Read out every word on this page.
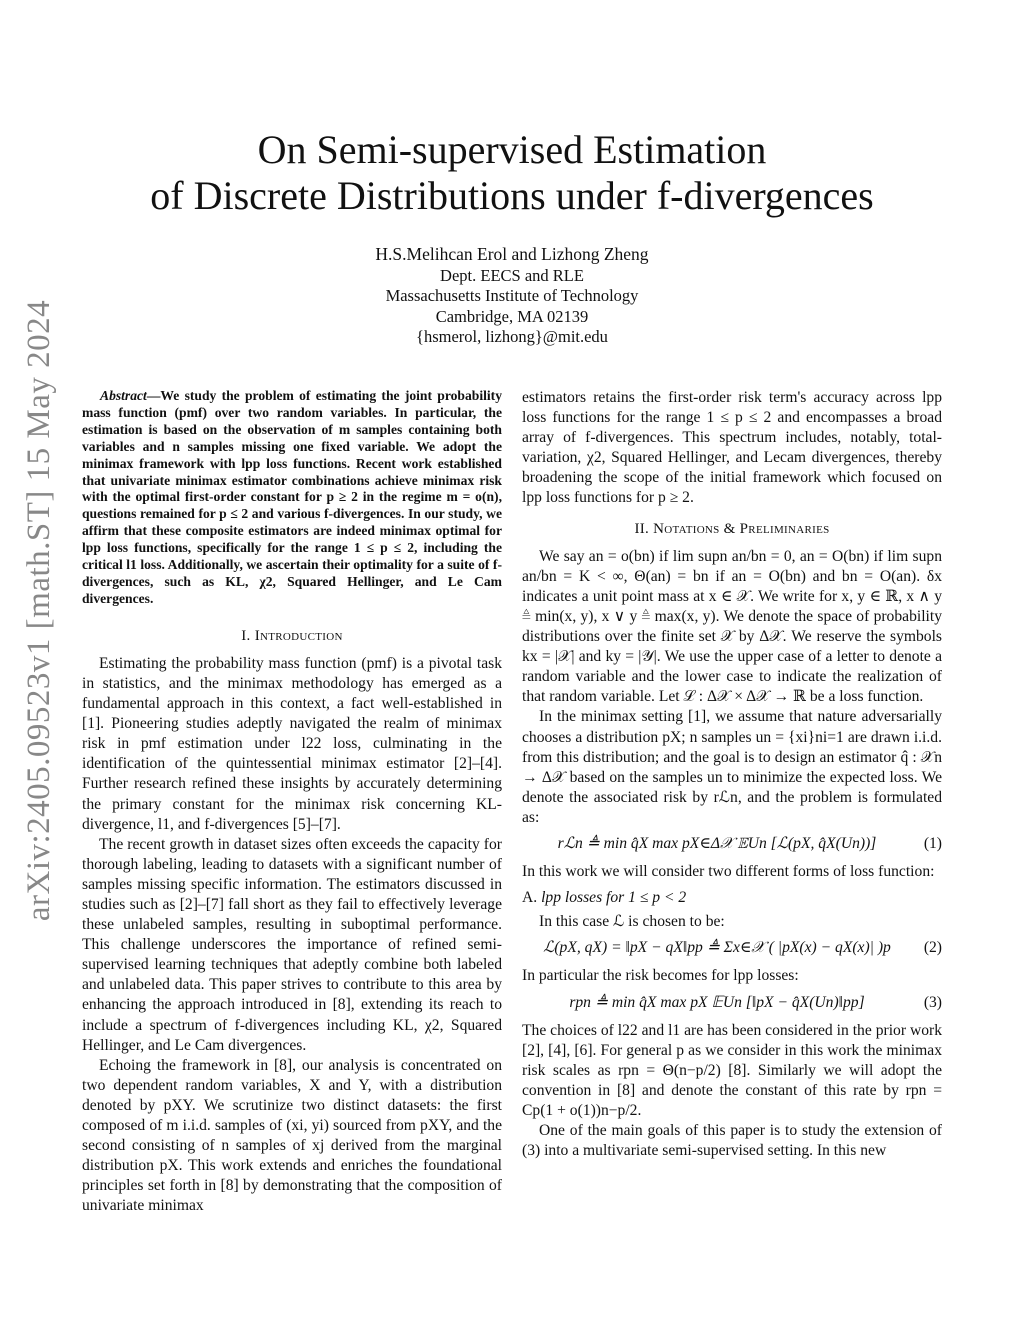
arXiv:2405.09523v1 [math.ST] 15 May 2024
On Semi-supervised Estimation
of Discrete Distributions under f-divergences
H.S.Melihcan Erol and Lizhong Zheng
Dept. EECS and RLE
Massachusetts Institute of Technology
Cambridge, MA 02139
{hsmerol, lizhong}@mit.edu

Abstract—We study the problem of estimating the joint probability mass function (pmf) over two random variables. In particular, the estimation is based on the observation of m samples containing both variables and n samples missing one fixed variable. We adopt the minimax framework with lpp loss functions. Recent work established that univariate minimax estimator combinations achieve minimax risk with the optimal first-order constant for p ≥ 2 in the regime m = o(n), questions remained for p ≤ 2 and various f-divergences. In our study, we affirm that these composite estimators are indeed minimax optimal for lpp loss functions, specifically for the range 1 ≤ p ≤ 2, including the critical l1 loss. Additionally, we ascertain their optimality for a suite of f-divergences, such as KL, χ2, Squared Hellinger, and Le Cam divergences.

I. Introduction

Estimating the probability mass function (pmf) is a pivotal task in statistics, and the minimax methodology has emerged as a fundamental approach in this context, a fact well-established in [1]. Pioneering studies adeptly navigated the realm of minimax risk in pmf estimation under l22 loss, culminating in the identification of the quintessential minimax estimator [2]–[4]. Further research refined these insights by accurately determining the primary constant for the minimax risk concerning KL-divergence, l1, and f-divergences [5]–[7].

The recent growth in dataset sizes often exceeds the capacity for thorough labeling, leading to datasets with a significant number of samples missing specific information. The estimators discussed in studies such as [2]–[7] fall short as they fail to effectively leverage these unlabeled samples, resulting in suboptimal performance. This challenge underscores the importance of refined semi-supervised learning techniques that adeptly combine both labeled and unlabeled data. This paper strives to contribute to this area by enhancing the approach introduced in [8], extending its reach to include a spectrum of f-divergences including KL, χ2, Squared Hellinger, and Le Cam divergences.

Echoing the framework in [8], our analysis is concentrated on two dependent random variables, X and Y, with a distribution denoted by pXY. We scrutinize two distinct datasets: the first composed of m i.i.d. samples of (xi, yi) sourced from pXY, and the second consisting of n samples of xj derived from the marginal distribution pX. This work extends and enriches the foundational principles set forth in [8] by demonstrating that the composition of univariate minimax

estimators retains the first-order risk term's accuracy across lpp loss functions for the range 1 ≤ p ≤ 2 and encompasses a broad array of f-divergences. This spectrum includes, notably, total-variation, χ2, Squared Hellinger, and Lecam divergences, thereby broadening the scope of the initial framework which focused on lpp loss functions for p ≥ 2.

II. Notations & Preliminaries

We say an = o(bn) if lim supn an/bn = 0, an = O(bn) if lim supn an/bn = K < ∞, Θ(an) = bn if an = O(bn) and bn = O(an). δx indicates a unit point mass at x ∈ 𝒳. We write for x, y ∈ ℝ, x ∧ y ≜ min(x, y), x ∨ y ≜ max(x, y). We denote the space of probability distributions over the finite set 𝒳 by Δ𝒳. We reserve the symbols kx = |𝒳| and ky = |𝒴|. We use the upper case of a letter to denote a random variable and the lower case to indicate the realization of that random variable. Let ℒ : Δ𝒳 × Δ𝒳 → ℝ be a loss function.

In the minimax setting [1], we assume that nature adversarially chooses a distribution pX; n samples un = {xi}ni=1 are drawn i.i.d. from this distribution; and the goal is to design an estimator q̂ : 𝒳n → Δ𝒳 based on the samples un to minimize the expected loss. We denote the associated risk by rℒn, and the problem is formulated as:

rℒn ≜ min q̂X max pX∈Δ𝒳 𝔼Un [ℒ(pX, q̂X(Un))]	(1)

In this work we will consider two different forms of loss function:

A. lpp losses for 1 ≤ p < 2

In this case ℒ is chosen to be:

ℒ(pX, qX) = ‖pX − qX‖pp ≜ Σx∈𝒳 ( |pX(x) − qX(x)| )p	(2)

In particular the risk becomes for lpp losses:

rpn ≜ min q̂X max pX 𝔼Un [‖pX − q̂X(Un)‖pp]	(3)

The choices of l22 and l1 are has been considered in the prior work [2], [4], [6]. For general p as we consider in this work the minimax risk scales as rpn = Θ(n−p/2) [8]. Similarly we will adopt the convention in [8] and denote the constant of this rate by rpn = Cp(1 + o(1))n−p/2.

One of the main goals of this paper is to study the extension of (3) into a multivariate semi-supervised setting. In this new
